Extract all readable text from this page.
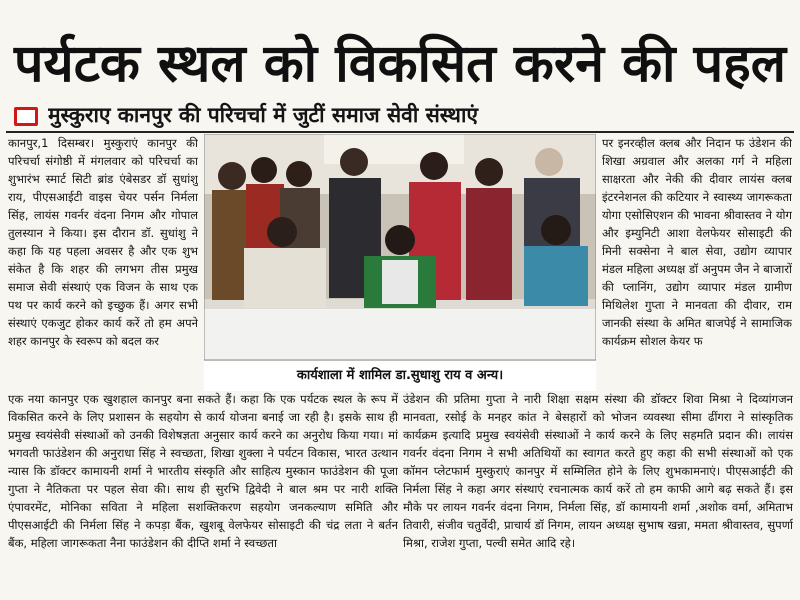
पर्यटक स्थल को विकसित करने की पहल
मुस्कुराए कानपुर की परिचर्चा में जुटीं समाज सेवी संस्थाएं

कानपुर,1 दिसम्बर। मुस्कुराएं कानपुर की परिचर्चा संगोष्ठी में मंगलवार को परिचर्चा का शुभारंभ स्मार्ट सिटी ब्रांड एंबेसडर डॉ सुधांशु राय, पीएसआईटी वाइस चेयर पर्सन निर्मला सिंह, लायंस गवर्नर वंदना निगम और गोपाल तुलस्यान ने किया। इस दौरान डॉ. सुधांशु ने कहा कि यह पहला अवसर है और एक शुभ संकेत है कि शहर की लगभग तीस प्रमुख समाज सेवी संस्थाएं एक विजन के साथ एक पथ पर कार्य करने को इच्छुक हैं। अगर सभी संस्थाएं एकजुट होकर कार्य करें तो हम अपने शहर कानपुर के स्वरूप को बदल कर

कार्यशाला में शामिल डा.सुधाशु राय व अन्य।

पर इनरव्हील क्लब और निदान फ उंडेशन की शिखा अग्रवाल और अलका गर्ग ने महिला साक्षरता और नेकी की दीवार लायंस क्लब इंटरनेशनल की कटियार ने स्वास्थ्य जागरूकता योगा एसोसिएशन की भावना श्रीवास्तव ने योग और इम्युनिटी आशा वेलफेयर सोसाइटी की मिनी सक्सेना ने बाल सेवा, उद्योग व्यापार मंडल महिला अध्यक्ष डॉ अनुपम जैन ने बाजारों की प्लानिंग, उद्योग व्यापार मंडल ग्रामीण मिथिलेश गुप्ता ने मानवता की दीवार, राम जानकी संस्था के अमित बाजपेई ने सामाजिक कार्यक्रम सोशल केयर फ

एक नया कानपुर एक खुशहाल कानपुर बना सकते हैं। कहा कि एक पर्यटक स्थल के रूप में विकसित करने के लिए प्रशासन के सहयोग से कार्य योजना बनाई जा रही है। इसके साथ ही प्रमुख स्वयंसेवी संस्थाओं को उनकी विशेषज्ञता अनुसार कार्य करने का अनुरोध किया गया। मां भगवती फाउंडेशन की अनुराधा सिंह ने स्वच्छता, शिखा शुक्ला ने पर्यटन विकास, भारत उत्थान न्यास कि डॉक्टर कामायनी शर्मा ने भारतीय संस्कृति और साहित्य मुस्कान फाउंडेशन की पूजा गुप्ता ने नैतिकता पर पहल सेवा की। साथ ही सुरभि द्विवेदी ने बाल श्रम पर नारी शक्ति एंपावरमेंट, मोनिका सविता ने महिला सशक्तिकरण सहयोग जनकल्याण समिति और पीएसआईटी की निर्मला सिंह ने कपड़ा बैंक, खुशबू वेलफेयर सोसाइटी की चंद्र लता ने बर्तन बैंक, महिला जागरूकता नैना फाउंडेशन की दीप्ति शर्मा ने स्वच्छता

उंडेशन की प्रतिमा गुप्ता ने नारी शिक्षा सक्षम संस्था की डॉक्टर शिवा मिश्रा ने दिव्यांगजन मानवता, रसोई के मनहर कांत ने बेसहारों को भोजन व्यवस्था सीमा ढींगरा ने सांस्कृतिक कार्यक्रम इत्यादि प्रमुख स्वयंसेवी संस्थाओं ने कार्य करने के लिए सहमति प्रदान की। लायंस गवर्नर वंदना निगम ने सभी अतिथियों का स्वागत करते हुए कहा की सभी संस्थाओं को एक कॉमन प्लेटफार्म मुस्कुराएं कानपुर में सम्मिलित होने के लिए शुभकामनाएं। पीएसआईटी की निर्मला सिंह ने कहा अगर संस्थाएं रचनात्मक कार्य करें तो हम काफी आगे बढ़ सकते हैं। इस मौके पर लायन गवर्नर वंदना निगम, निर्मला सिंह, डॉ कामायनी शर्मा ,अशोक वर्मा, अमिताभ तिवारी, संजीव चतुर्वेदी, प्राचार्य डॉ निगम, लायन अध्यक्ष सुभाष खन्ना, ममता श्रीवास्तव, सुपर्णा मिश्रा, राजेश गुप्ता, पल्वी समेत आदि रहे।
